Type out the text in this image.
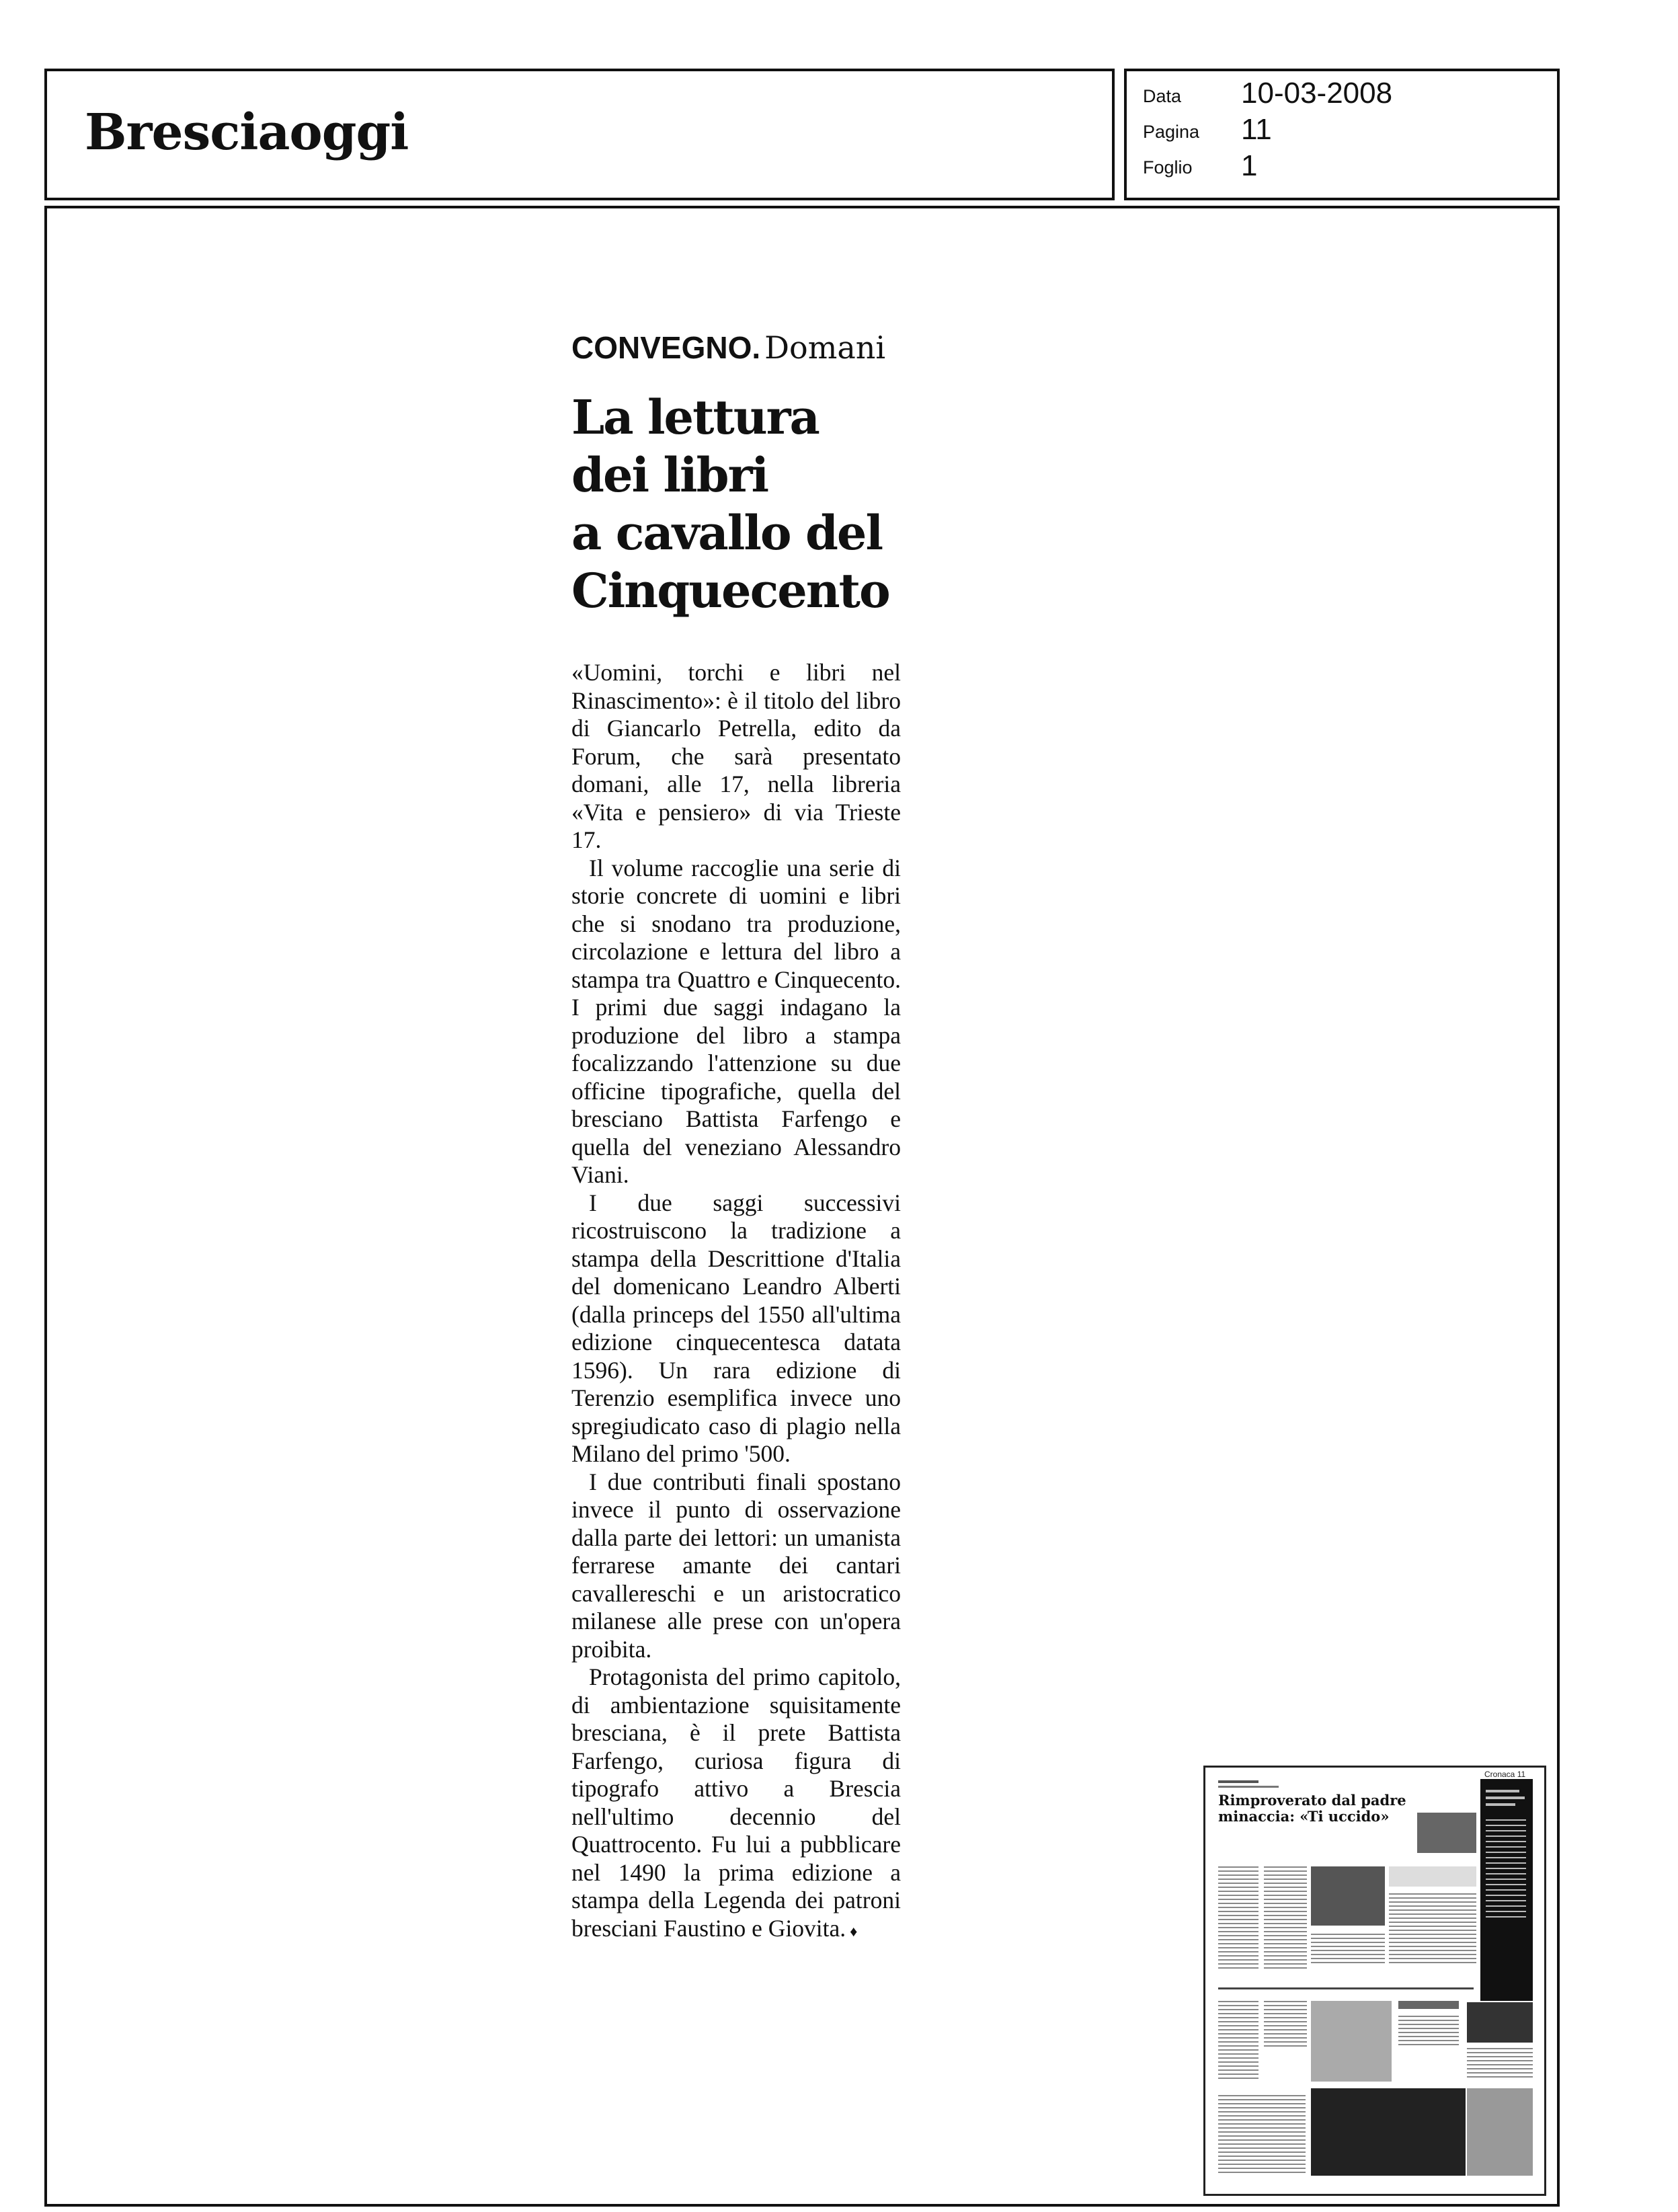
Bresciaoggi
Data 10-03-2008
Pagina 11
Foglio 1
CONVEGNO. Domani
La lettura
dei libri
a cavallo del
Cinquecento

«Uomini, torchi e libri nel Rinascimento»: è il titolo del libro di Giancarlo Petrella, edito da Forum, che sarà presentato domani, alle 17, nella libreria «Vita e pensiero» di via Trieste 17.

Il volume raccoglie una serie di storie concrete di uomini e libri che si snodano tra produzione, circolazione e lettura del libro a stampa tra Quattro e Cinquecento. I primi due saggi indagano la produzione del libro a stampa focalizzando l'attenzione su due officine tipografiche, quella del bresciano Battista Farfengo e quella del veneziano Alessandro Viani.

I due saggi successivi ricostruiscono la tradizione a stampa della Descrittione d'Italia del domenicano Leandro Alberti (dalla princeps del 1550 all'ultima edizione cinquecentesca datata 1596). Un rara edizione di Terenzio esemplifica invece uno spregiudicato caso di plagio nella Milano del primo '500.

I due contributi finali spostano invece il punto di osservazione dalla parte dei lettori: un umanista ferrarese amante dei cantari cavallereschi e un aristocratico milanese alle prese con un'opera proibita.

Protagonista del primo capitolo, di ambientazione squisitamente bresciana, è il prete Battista Farfengo, curiosa figura di tipografo attivo a Brescia nell'ultimo decennio del Quattrocento. Fu lui a pubblicare nel 1490 la prima edizione a stampa della Legenda dei patroni bresciani Faustino e Giovita. ♦

Cronaca 11
Rimproverato dal padre minaccia: «Ti uccido»
